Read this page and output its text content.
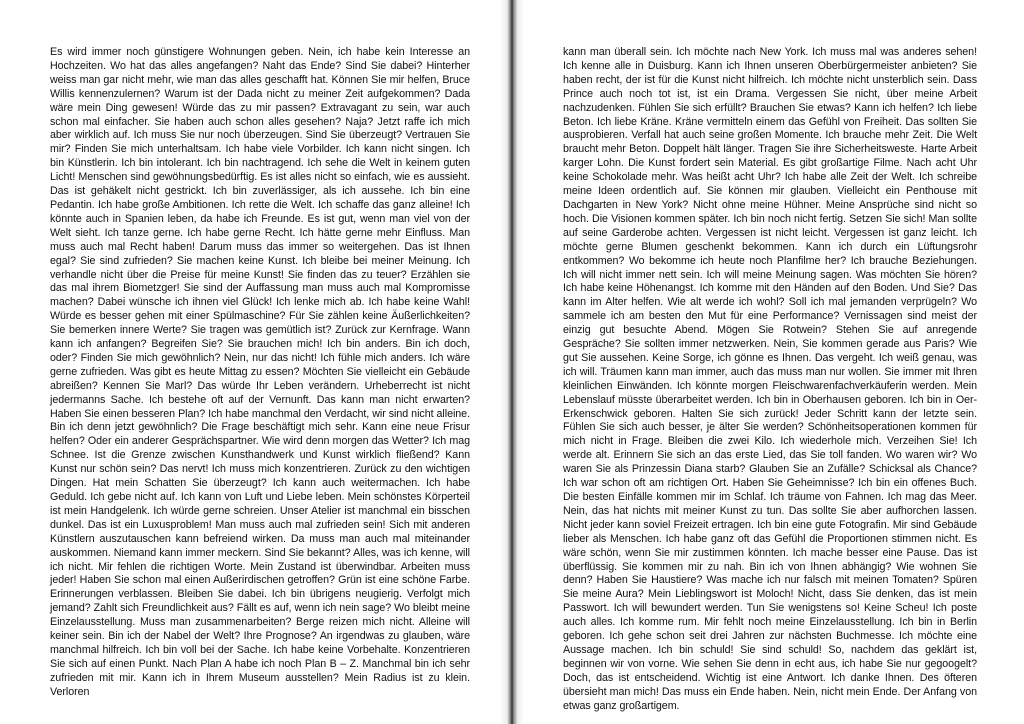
Es wird immer noch günstigere Wohnungen geben. Nein, ich habe kein Interesse an Hochzeiten. Wo hat das alles angefangen? Naht das Ende? Sind Sie dabei? Hinterher weiss man gar nicht mehr, wie man das alles geschafft hat. Können Sie mir helfen, Bruce Willis kennenzulernen? Warum ist der Dada nicht zu meiner Zeit aufgekommen? Dada wäre mein Ding gewesen! Würde das zu mir passen? Extravagant zu sein, war auch schon mal einfacher. Sie haben auch schon alles gesehen? Naja? Jetzt raffe ich mich aber wirklich auf. Ich muss Sie nur noch überzeugen. Sind Sie überzeugt? Vertrauen Sie mir? Finden Sie mich unterhaltsam. Ich habe viele Vorbilder. Ich kann nicht singen. Ich bin Künstlerin. Ich bin intolerant. Ich bin nachtragend. Ich sehe die Welt in keinem guten Licht! Menschen sind gewöhnungsbedürftig. Es ist alles nicht so einfach, wie es aussieht. Das ist gehäkelt nicht gestrickt. Ich bin zuverlässiger, als ich aussehe. Ich bin eine Pedantin. Ich habe große Ambitionen. Ich rette die Welt. Ich schaffe das ganz alleine! Ich könnte auch in Spanien leben, da habe ich Freunde. Es ist gut, wenn man viel von der Welt sieht. Ich tanze gerne. Ich habe gerne Recht. Ich hätte gerne mehr Einfluss. Man muss auch mal Recht haben! Darum muss das immer so weitergehen. Das ist Ihnen egal? Sie sind zufrieden? Sie machen keine Kunst. Ich bleibe bei meiner Meinung. Ich verhandle nicht über die Preise für meine Kunst! Sie finden das zu teuer? Erzählen sie das mal ihrem Biometzger! Sie sind der Auffassung man muss auch mal Kompromisse machen? Dabei wünsche ich ihnen viel Glück! Ich lenke mich ab. Ich habe keine Wahl! Würde es besser gehen mit einer Spülmaschine? Für Sie zählen keine Äußerlichkeiten? Sie bemerken innere Werte? Sie tragen was gemütlich ist? Zurück zur Kernfrage. Wann kann ich anfangen? Begreifen Sie? Sie brauchen mich! Ich bin anders. Bin ich doch, oder? Finden Sie mich gewöhnlich? Nein, nur das nicht! Ich fühle mich anders. Ich wäre gerne zufrieden. Was gibt es heute Mittag zu essen? Möchten Sie vielleicht ein Gebäude abreißen? Kennen Sie Marl? Das würde Ihr Leben verändern. Urheberrecht ist nicht jedermanns Sache. Ich bestehe oft auf der Vernunft. Das kann man nicht erwarten? Haben Sie einen besseren Plan? Ich habe manchmal den Verdacht, wir sind nicht alleine. Bin ich denn jetzt gewöhnlich? Die Frage beschäftigt mich sehr. Kann eine neue Frisur helfen? Oder ein anderer Gesprächspartner. Wie wird denn morgen das Wetter? Ich mag Schnee. Ist die Grenze zwischen Kunsthandwerk und Kunst wirklich fließend? Kann Kunst nur schön sein? Das nervt! Ich muss mich konzentrieren. Zurück zu den wichtigen Dingen. Hat mein Schatten Sie überzeugt? Ich kann auch weitermachen. Ich habe Geduld. Ich gebe nicht auf. Ich kann von Luft und Liebe leben. Mein schönstes Körperteil ist mein Handgelenk. Ich würde gerne schreien. Unser Atelier ist manchmal ein bisschen dunkel. Das ist ein Luxusproblem! Man muss auch mal zufrieden sein! Sich mit anderen Künstlern auszutauschen kann befreiend wirken. Da muss man auch mal miteinander auskommen. Niemand kann immer meckern. Sind Sie bekannt? Alles, was ich kenne, will ich nicht. Mir fehlen die richtigen Worte. Mein Zustand ist überwindbar. Arbeiten muss jeder! Haben Sie schon mal einen Außerirdischen getroffen? Grün ist eine schöne Farbe. Erinnerungen verblassen. Bleiben Sie dabei. Ich bin übrigens neugierig. Verfolgt mich jemand? Zahlt sich Freundlichkeit aus? Fällt es auf, wenn ich nein sage? Wo bleibt meine Einzelausstellung. Muss man zusammenarbeiten? Berge reizen mich nicht. Alleine will keiner sein. Bin ich der Nabel der Welt? Ihre Prognose? An irgendwas zu glauben, wäre manchmal hilfreich. Ich bin voll bei der Sache. Ich habe keine Vorbehalte. Konzentrieren Sie sich auf einen Punkt. Nach Plan A habe ich noch Plan B – Z. Manchmal bin ich sehr zufrieden mit mir. Kann ich in Ihrem Museum ausstellen? Mein Radius ist zu klein. Verloren
kann man überall sein. Ich möchte nach New York. Ich muss mal was anderes sehen! Ich kenne alle in Duisburg. Kann ich Ihnen unseren Oberbürgermeister anbieten? Sie haben recht, der ist für die Kunst nicht hilfreich. Ich möchte nicht unsterblich sein. Dass Prince auch noch tot ist, ist ein Drama. Vergessen Sie nicht, über meine Arbeit nachzudenken. Fühlen Sie sich erfüllt? Brauchen Sie etwas? Kann ich helfen? Ich liebe Beton. Ich liebe Kräne. Kräne vermitteln einem das Gefühl von Freiheit. Das sollten Sie ausprobieren. Verfall hat auch seine großen Momente. Ich brauche mehr Zeit. Die Welt braucht mehr Beton. Doppelt hält länger. Tragen Sie ihre Sicherheitsweste. Harte Arbeit karger Lohn. Die Kunst fordert sein Material. Es gibt großartige Filme. Nach acht Uhr keine Schokolade mehr. Was heißt acht Uhr? Ich habe alle Zeit der Welt. Ich schreibe meine Ideen ordentlich auf. Sie können mir glauben. Vielleicht ein Penthouse mit Dachgarten in New York? Nicht ohne meine Hühner. Meine Ansprüche sind nicht so hoch. Die Visionen kommen später. Ich bin noch nicht fertig. Setzen Sie sich! Man sollte auf seine Garderobe achten. Vergessen ist nicht leicht. Vergessen ist ganz leicht. Ich möchte gerne Blumen geschenkt bekommen. Kann ich durch ein Lüftungsrohr entkommen? Wo bekomme ich heute noch Planfilme her? Ich brauche Beziehungen. Ich will nicht immer nett sein. Ich will meine Meinung sagen. Was möchten Sie hören? Ich habe keine Höhenangst. Ich komme mit den Händen auf den Boden. Und Sie? Das kann im Alter helfen. Wie alt werde ich wohl? Soll ich mal jemanden verprügeln? Wo sammele ich am besten den Mut für eine Performance? Vernissagen sind meist der einzig gut besuchte Abend. Mögen Sie Rotwein? Stehen Sie auf anregende Gespräche? Sie sollten immer netzwerken. Nein, Sie kommen gerade aus Paris? Wie gut Sie aussehen. Keine Sorge, ich gönne es Ihnen. Das vergeht. Ich weiß genau, was ich will. Träumen kann man immer, auch das muss man nur wollen. Sie immer mit Ihren kleinlichen Einwänden. Ich könnte morgen Fleischwarenfachverkäuferin werden. Mein Lebenslauf müsste überarbeitet werden. Ich bin in Oberhausen geboren. Ich bin in Oer-Erkenschwick geboren. Halten Sie sich zurück! Jeder Schritt kann der letzte sein. Fühlen Sie sich auch besser, je älter Sie werden? Schönheitsoperationen kommen für mich nicht in Frage. Bleiben die zwei Kilo. Ich wiederhole mich. Verzeihen Sie! Ich werde alt. Erinnern Sie sich an das erste Lied, das Sie toll fanden. Wo waren wir? Wo waren Sie als Prinzessin Diana starb? Glauben Sie an Zufälle? Schicksal als Chance? Ich war schon oft am richtigen Ort. Haben Sie Geheimnisse? Ich bin ein offenes Buch. Die besten Einfälle kommen mir im Schlaf. Ich träume von Fahnen. Ich mag das Meer. Nein, das hat nichts mit meiner Kunst zu tun. Das sollte Sie aber aufhorchen lassen. Nicht jeder kann soviel Freizeit ertragen. Ich bin eine gute Fotografin. Mir sind Gebäude lieber als Menschen. Ich habe ganz oft das Gefühl die Proportionen stimmen nicht. Es wäre schön, wenn Sie mir zustimmen könnten. Ich mache besser eine Pause. Das ist überflüssig. Sie kommen mir zu nah. Bin ich von Ihnen abhängig? Wie wohnen Sie denn? Haben Sie Haustiere? Was mache ich nur falsch mit meinen Tomaten? Spüren Sie meine Aura? Mein Lieblingswort ist Moloch! Nicht, dass Sie denken, das ist mein Passwort. Ich will bewundert werden. Tun Sie wenigstens so! Keine Scheu! Ich poste auch alles. Ich komme rum. Mir fehlt noch meine Einzelausstellung. Ich bin in Berlin geboren. Ich gehe schon seit drei Jahren zur nächsten Buchmesse. Ich möchte eine Aussage machen. Ich bin schuld! Sie sind schuld! So, nachdem das geklärt ist, beginnen wir von vorne. Wie sehen Sie denn in echt aus, ich habe Sie nur gegoogelt? Doch, das ist entscheidend. Wichtig ist eine Antwort. Ich danke Ihnen. Des öfteren übersieht man mich! Das muss ein Ende haben. Nein, nicht mein Ende. Der Anfang von etwas ganz großartigem.
